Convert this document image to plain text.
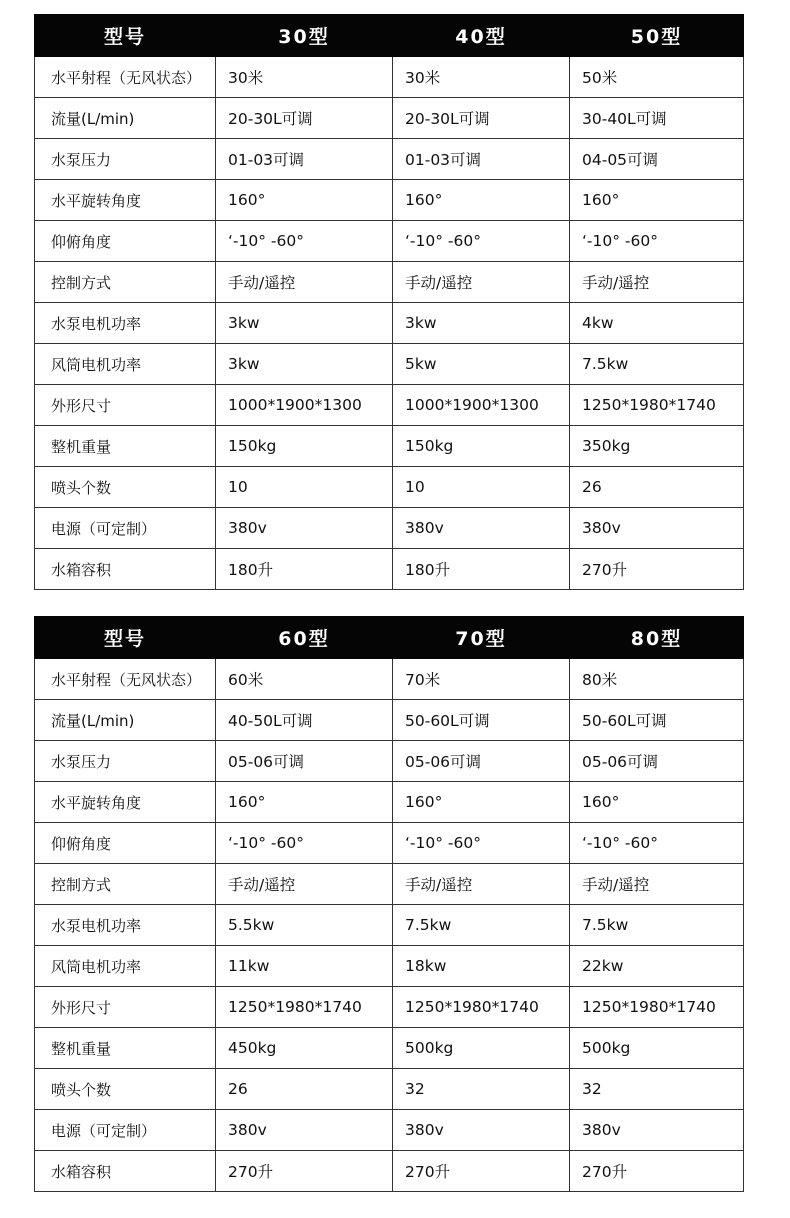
型号	30型	40型	50型
水平射程（无风状态）	30米	30米	50米
流量(L/min)	20-30L可调	20-30L可调	30-40L可调
水泵压力	01-03可调	01-03可调	04-05可调
水平旋转角度	160°	160°	160°
仰俯角度	‘-10° -60°	‘-10° -60°	‘-10° -60°
控制方式	手动/遥控	手动/遥控	手动/遥控
水泵电机功率	3kw	3kw	4kw
风筒电机功率	3kw	5kw	7.5kw
外形尺寸	1000*1900*1300	1000*1900*1300	1250*1980*1740
整机重量	150kg	150kg	350kg
喷头个数	10	10	26
电源（可定制）	380v	380v	380v
水箱容积	180升	180升	270升
型号	60型	70型	80型
水平射程（无风状态）	60米	70米	80米
流量(L/min)	40-50L可调	50-60L可调	50-60L可调
水泵压力	05-06可调	05-06可调	05-06可调
水平旋转角度	160°	160°	160°
仰俯角度	‘-10° -60°	‘-10° -60°	‘-10° -60°
控制方式	手动/遥控	手动/遥控	手动/遥控
水泵电机功率	5.5kw	7.5kw	7.5kw
风筒电机功率	11kw	18kw	22kw
外形尺寸	1250*1980*1740	1250*1980*1740	1250*1980*1740
整机重量	450kg	500kg	500kg
喷头个数	26	32	32
电源（可定制）	380v	380v	380v
水箱容积	270升	270升	270升
